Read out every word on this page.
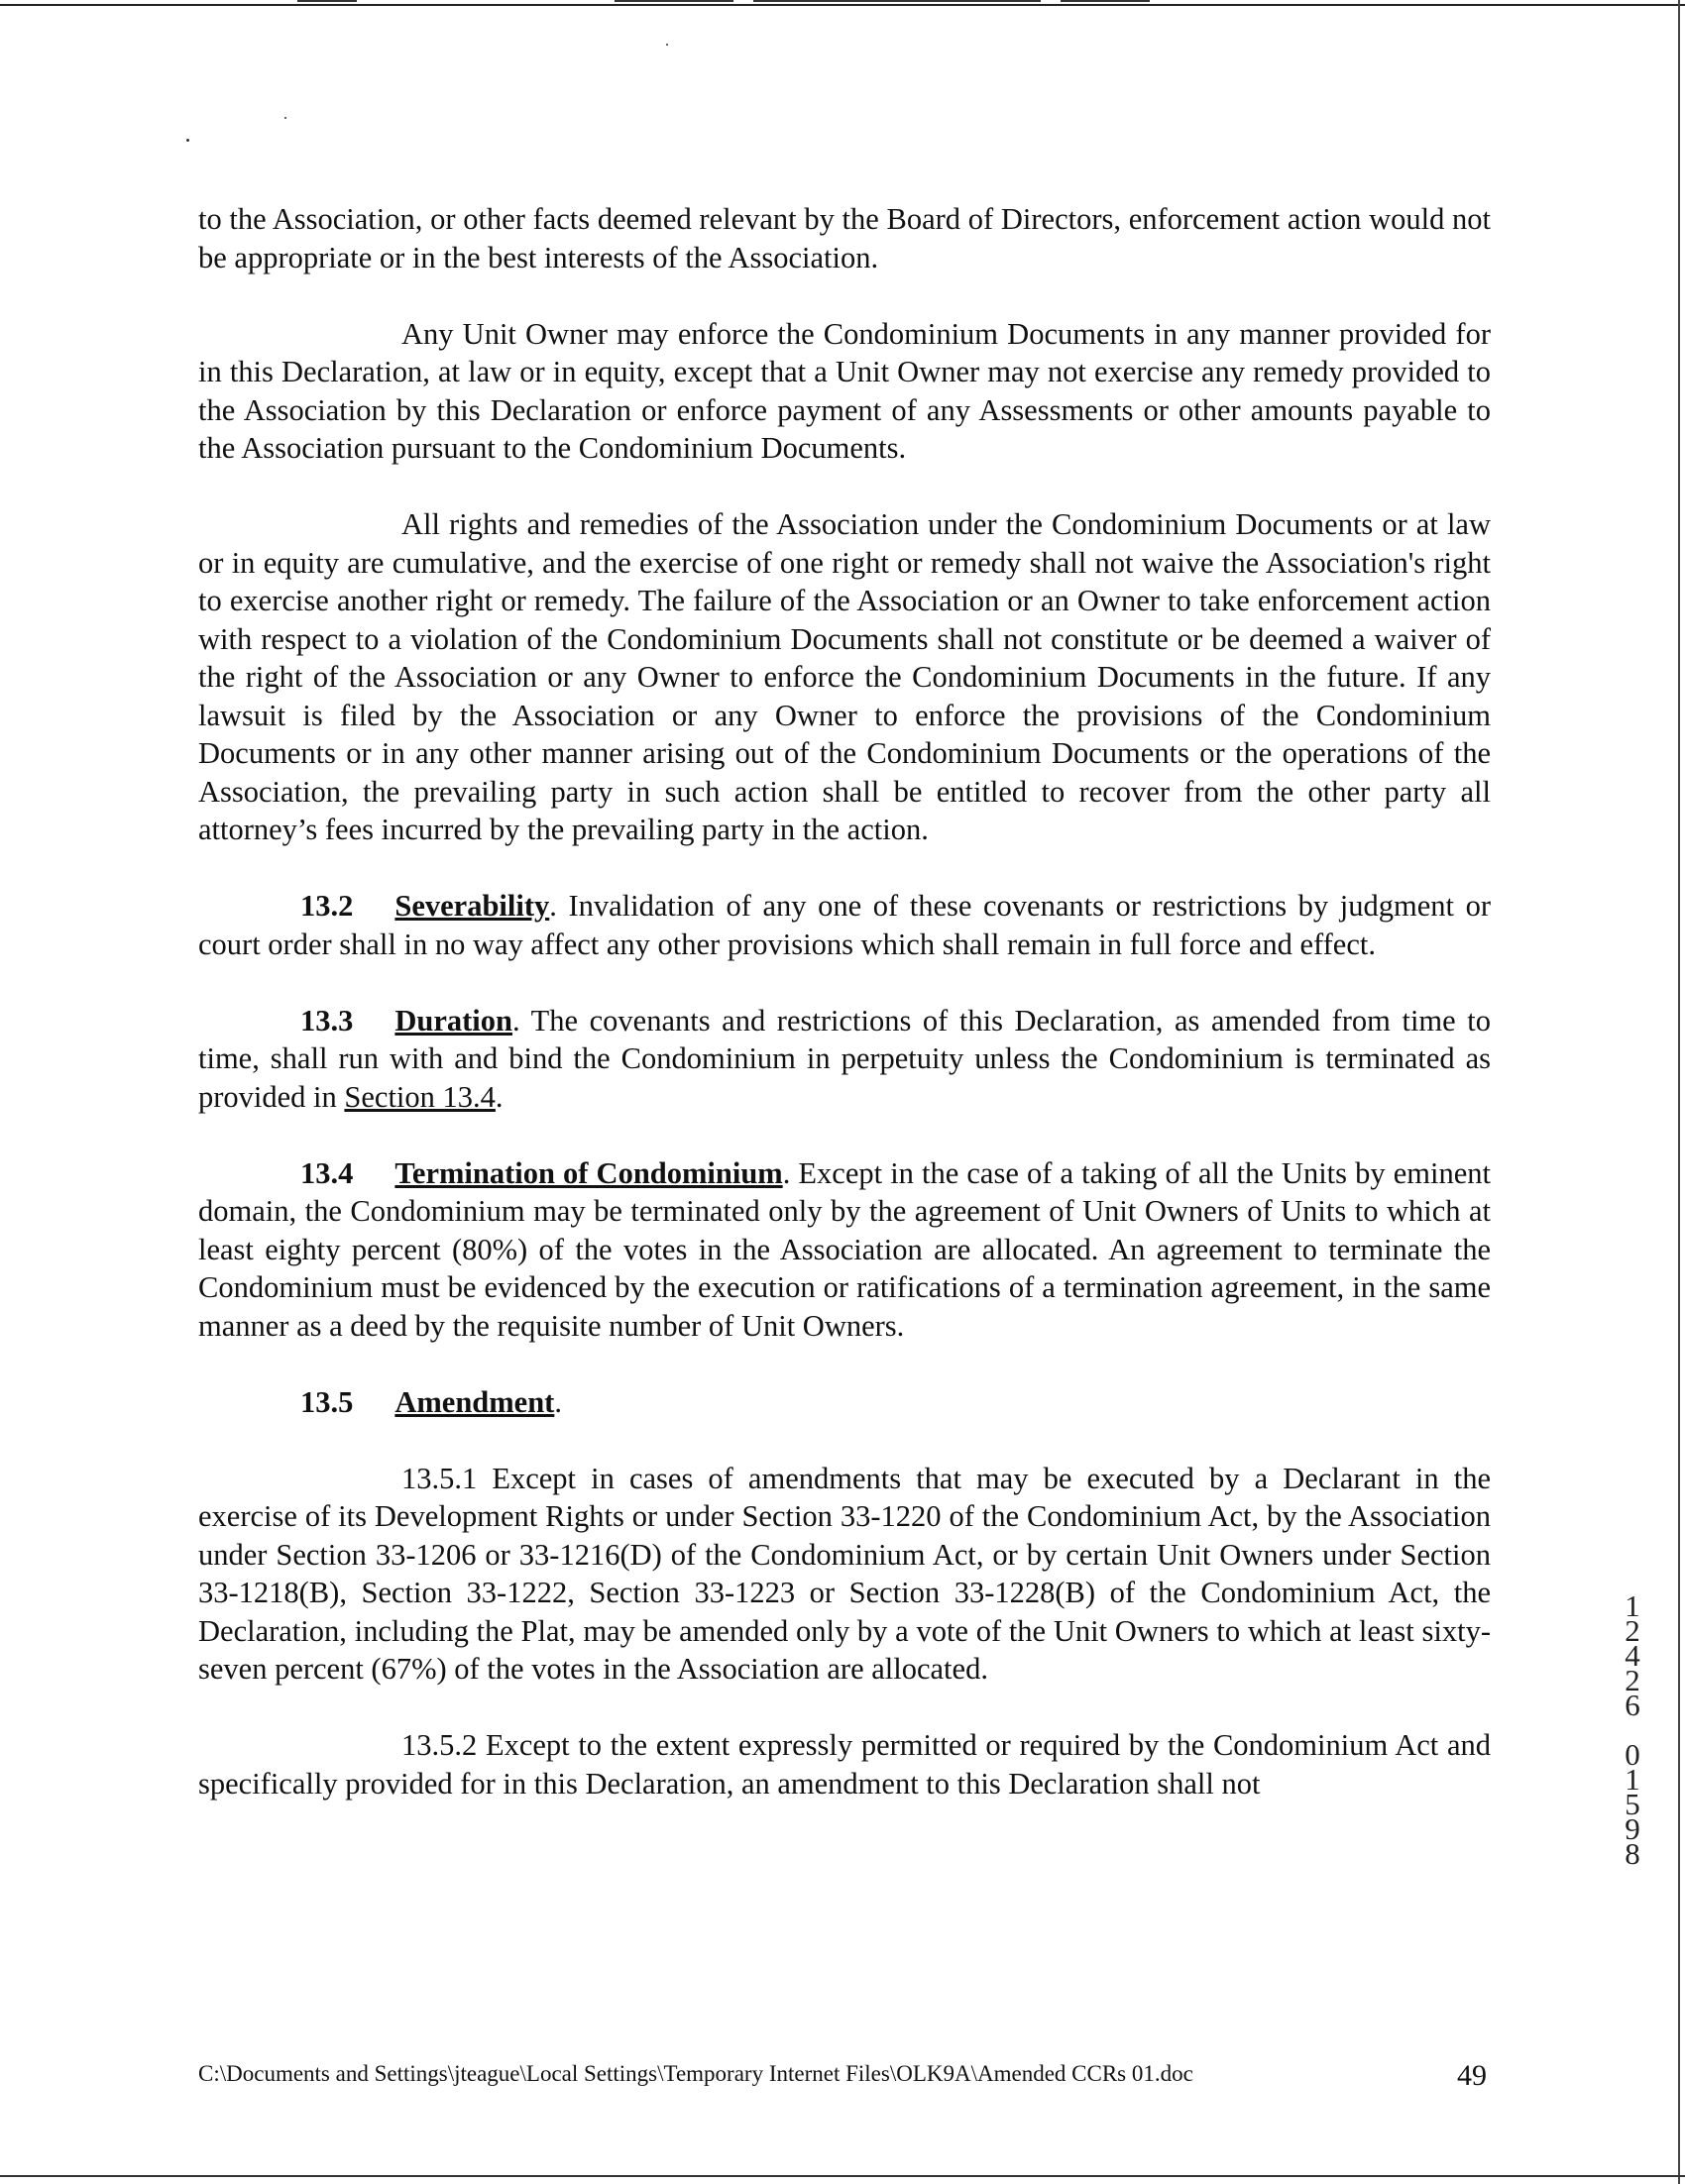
to the Association, or other facts deemed relevant by the Board of Directors, enforcement action would not be appropriate or in the best interests of the Association.

Any Unit Owner may enforce the Condominium Documents in any manner provided for in this Declaration, at law or in equity, except that a Unit Owner may not exercise any remedy provided to the Association by this Declaration or enforce payment of any Assessments or other amounts payable to the Association pursuant to the Condominium Documents.

All rights and remedies of the Association under the Condominium Documents or at law or in equity are cumulative, and the exercise of one right or remedy shall not waive the Association's right to exercise another right or remedy. The failure of the Association or an Owner to take enforcement action with respect to a violation of the Condominium Documents shall not constitute or be deemed a waiver of the right of the Association or any Owner to enforce the Condominium Documents in the future. If any lawsuit is filed by the Association or any Owner to enforce the provisions of the Condominium Documents or in any other manner arising out of the Condominium Documents or the operations of the Association, the prevailing party in such action shall be entitled to recover from the other party all attorney’s fees incurred by the prevailing party in the action.

13.2 Severability. Invalidation of any one of these covenants or restrictions by judgment or court order shall in no way affect any other provisions which shall remain in full force and effect.

13.3 Duration. The covenants and restrictions of this Declaration, as amended from time to time, shall run with and bind the Condominium in perpetuity unless the Condominium is terminated as provided in Section 13.4.

13.4 Termination of Condominium. Except in the case of a taking of all the Units by eminent domain, the Condominium may be terminated only by the agreement of Unit Owners of Units to which at least eighty percent (80%) of the votes in the Association are allocated. An agreement to terminate the Condominium must be evidenced by the execution or ratifications of a termination agreement, in the same manner as a deed by the requisite number of Unit Owners.

13.5 Amendment.

13.5.1 Except in cases of amendments that may be executed by a Declarant in the exercise of its Development Rights or under Section 33-1220 of the Condominium Act, by the Association under Section 33-1206 or 33-1216(D) of the Condominium Act, or by certain Unit Owners under Section 33-1218(B), Section 33-1222, Section 33-1223 or Section 33-1228(B) of the Condominium Act, the Declaration, including the Plat, may be amended only by a vote of the Unit Owners to which at least sixty-seven percent (67%) of the votes in the Association are allocated.

13.5.2 Except to the extent expressly permitted or required by the Condominium Act and specifically provided for in this Declaration, an amendment to this Declaration shall not

1
2
4
2
6
0
1
5
9
8
C:\Documents and Settings\jteague\Local Settings\Temporary Internet Files\OLK9A\Amended CCRs 01.doc	49
